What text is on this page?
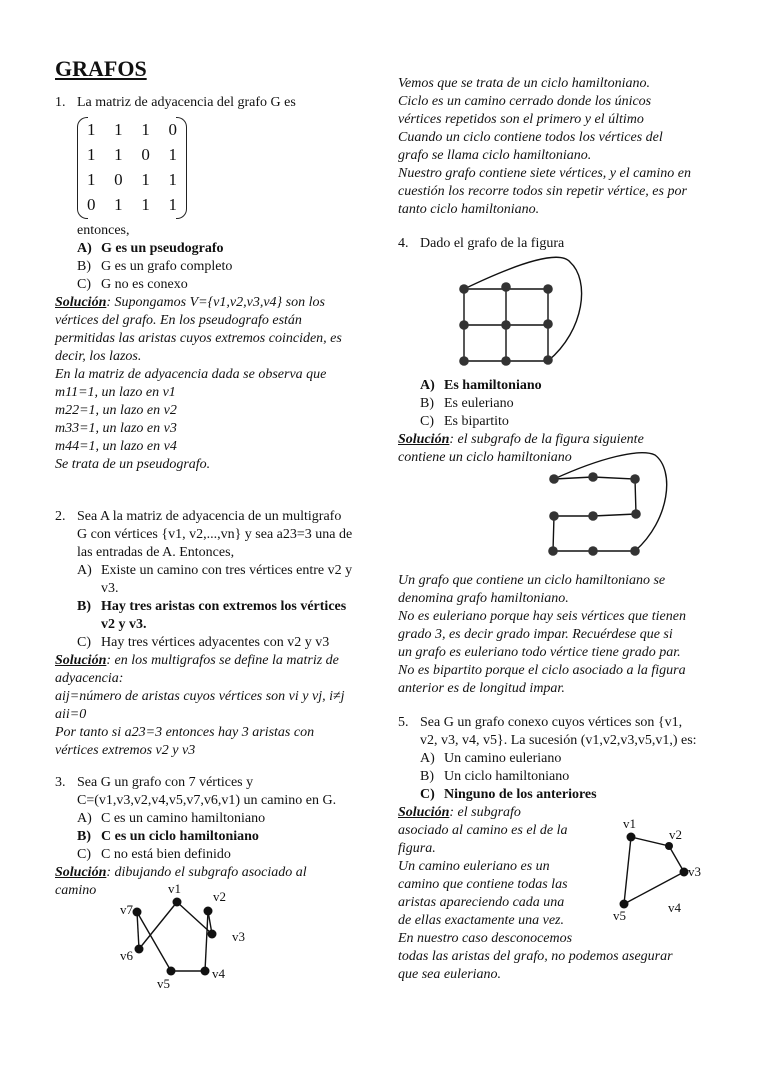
GRAFOS
1. La matriz de adyacencia del grafo G es
1 1 1 0
1 1 0 1
1 0 1 1
0 1 1 1
entonces,
A) G es un pseudografo
B) G es un grafo completo
C) G no es conexo
Solución: Supongamos V={v1,v2,v3,v4} son los
vértices del grafo. En los pseudografo están
permitidas las aristas cuyos extremos coinciden, es
decir, los lazos.
En la matriz de adyacencia dada se observa que
m11=1, un lazo en v1
m22=1, un lazo en v2
m33=1, un lazo en v3
m44=1, un lazo en v4
Se trata de un pseudografo.
2. Sea A la matriz de adyacencia de un multigrafo
G con vértices {v1, v2,...,vn} y sea a23=3 una de
las entradas de A. Entonces,
A) Existe un camino con tres vértices entre v2 y
v3.
B) Hay tres aristas con extremos los vértices
v2 y v3.
C) Hay tres vértices adyacentes con v2 y v3
Solución: en los multigrafos se define la matriz de
adyacencia:
aij=número de aristas cuyos vértices son vi y vj, i≠j
aii=0
Por tanto si a23=3 entonces hay 3 aristas con
vértices extremos v2 y v3
3. Sea G un grafo con 7 vértices y
C=(v1,v3,v2,v4,v5,v7,v6,v1) un camino en G.
A) C es un camino hamiltoniano
B) C es un ciclo hamiltoniano
C) C no está bien definido
Solución: dibujando el subgrafo asociado al
camino	v1
v2
v3
v4
v5
v6
v7
Vemos que se trata de un ciclo hamiltoniano.
Ciclo es un camino cerrado donde los únicos
vértices repetidos son el primero y el último
Cuando un ciclo contiene todos los vértices del
grafo se llama ciclo hamiltoniano.
Nuestro grafo contiene siete vértices, y el camino en
cuestión los recorre todos sin repetir vértice, es por
tanto ciclo hamiltoniano.
4. Dado el grafo de la figura
A) Es hamiltoniano
B) Es euleriano
C) Es bipartito
Solución: el subgrafo de la figura siguiente
contiene un ciclo hamiltoniano
Un grafo que contiene un ciclo hamiltoniano se
denomina grafo hamiltoniano.
No es euleriano porque hay seis vértices que tienen
grado 3, es decir grado impar. Recuérdese que si
un grafo es euleriano todo vértice tiene grado par.
No es bipartito porque el ciclo asociado a la figura
anterior es de longitud impar.
5. Sea G un grafo conexo cuyos vértices son {v1,
v2, v3, v4, v5}. La sucesión (v1,v2,v3,v5,v1,) es:
A) Un camino euleriano
B) Un ciclo hamiltoniano
C) Ninguno de los anteriores
Solución: el subgrafo
asociado al camino es el de la
figura.
Un camino euleriano es un
camino que contiene todas las
aristas apareciendo cada una
de ellas exactamente una vez.
En nuestro caso desconocemos
todas las aristas del grafo, no podemos asegurar
que sea euleriano.
v1
v2
v3
v4
v5
